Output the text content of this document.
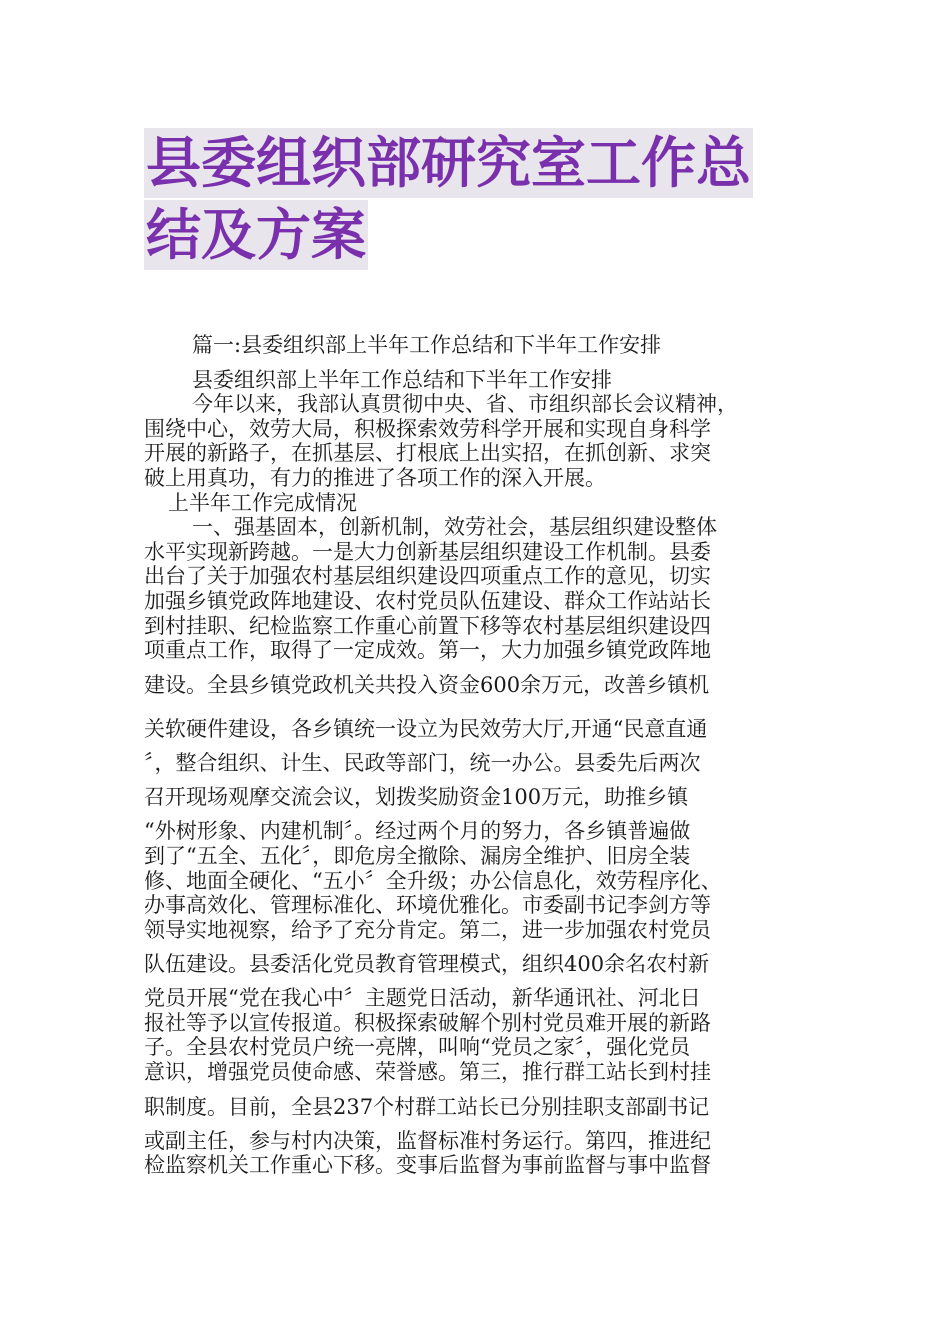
县委组织部研究室工作总
结及方案

篇一:县委组织部上半年工作总结和下半年工作安排

县委组织部上半年工作总结和下半年工作安排

今年以来，我部认真贯彻中央、省、市组织部长会议精神，
围绕中心，效劳大局，积极探索效劳科学开展和实现自身科学
开展的新路子，在抓基层、打根底上出实招，在抓创新、求突
破上用真功，有力的推进了各项工作的深入开展。
上半年工作完成情况
一、强基固本，创新机制，效劳社会，基层组织建设整体
水平实现新跨越。一是大力创新基层组织建设工作机制。县委
出台了关于加强农村基层组织建设四项重点工作的意见，切实
加强乡镇党政阵地建设、农村党员队伍建设、群众工作站站长
到村挂职、纪检监察工作重心前置下移等农村基层组织建设四
项重点工作，取得了一定成效。第一，大力加强乡镇党政阵地
建设。全县乡镇党政机关共投入资金600余万元，改善乡镇机
关软硬件建设，各乡镇统一设立为民效劳大厅,开通“民意直通
〞，整合组织、计生、民政等部门，统一办公。县委先后两次
召开现场观摩交流会议，划拨奖励资金100万元，助推乡镇
“外树形象、内建机制〞。经过两个月的努力，各乡镇普遍做
到了“五全、五化〞，即危房全撤除、漏房全维护、旧房全装
修、地面全硬化、“五小〞全升级；办公信息化，效劳程序化、
办事高效化、管理标准化、环境优雅化。市委副书记李剑方等
领导实地视察，给予了充分肯定。第二，进一步加强农村党员
队伍建设。县委活化党员教育管理模式，组织400余名农村新
党员开展“党在我心中〞主题党日活动，新华通讯社、河北日
报社等予以宣传报道。积极探索破解个别村党员难开展的新路
子。全县农村党员户统一亮牌，叫响“党员之家〞，强化党员
意识，增强党员使命感、荣誉感。第三，推行群工站长到村挂
职制度。目前，全县237个村群工站长已分别挂职支部副书记
或副主任，参与村内决策，监督标准村务运行。第四，推进纪
检监察机关工作重心下移。变事后监督为事前监督与事中监督
